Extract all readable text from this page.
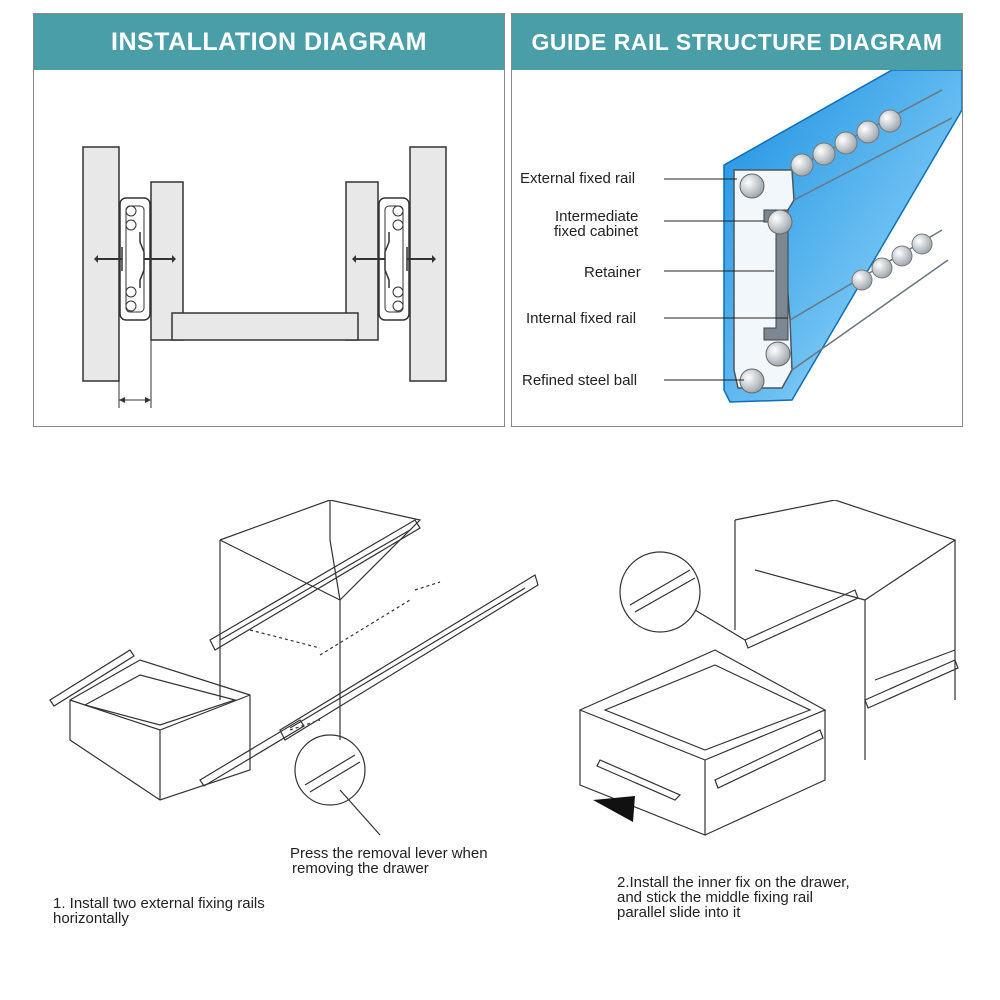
INSTALLATION DIAGRAM	GUIDE RAIL STRUCTURE DIAGRAM
External fixed rail
Intermediate
fixed cabinet
Retainer
Internal fixed rail
Refined steel ball
Press the removal lever when
removing the drawer
1. Install two external fixing rails
horizontally
2.Install the inner fix on the drawer,
and stick the middle fixing rail
parallel slide into it
